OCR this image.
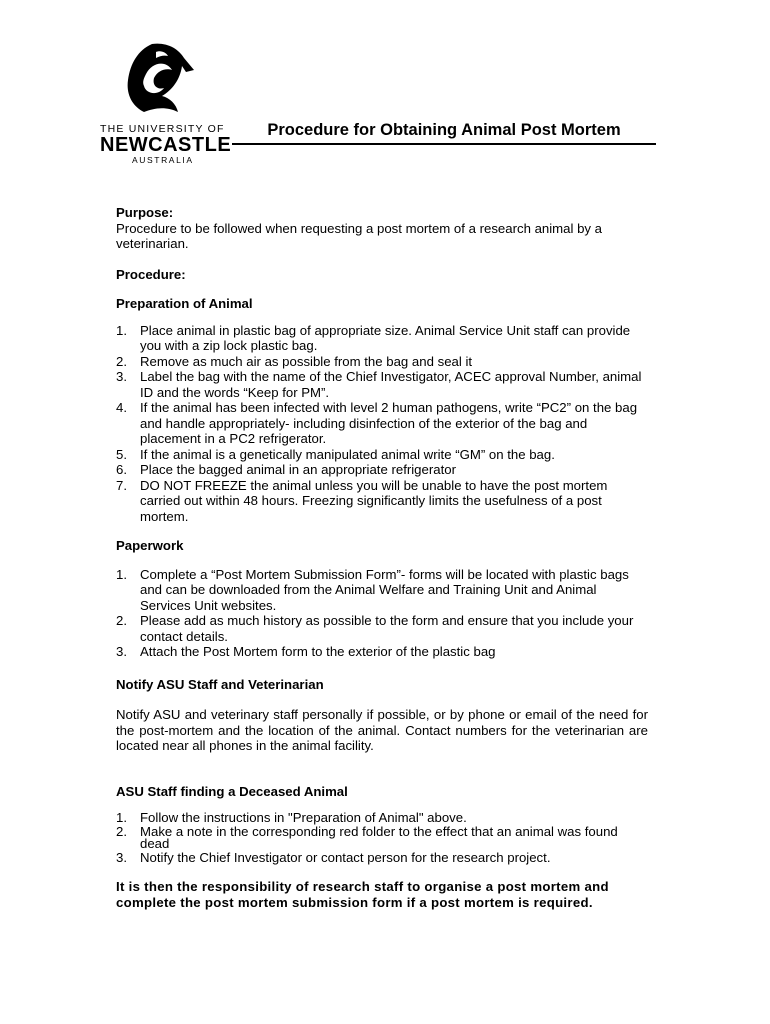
THE UNIVERSITY OF
NEWCASTLE
AUSTRALIA
Procedure for Obtaining Animal Post Mortem
Purpose:

Procedure to be followed when requesting a post mortem of a research animal by a veterinarian.

Procedure:
Preparation of Animal
1. Place animal in plastic bag of appropriate size. Animal Service Unit staff can provide you with a zip lock plastic bag.
2. Remove as much air as possible from the bag and seal it
3. Label the bag with the name of the Chief Investigator, ACEC approval Number, animal ID and the words “Keep for PM”.
4. If the animal has been infected with level 2 human pathogens, write “PC2” on the bag and handle appropriately- including disinfection of the exterior of the bag and placement in a PC2 refrigerator.
5. If the animal is a genetically manipulated animal write “GM” on the bag.
6. Place the bagged animal in an appropriate refrigerator
7. DO NOT FREEZE the animal unless you will be unable to have the post mortem carried out within 48 hours. Freezing significantly limits the usefulness of a post mortem.
Paperwork
1. Complete a “Post Mortem Submission Form”- forms will be located with plastic bags and can be downloaded from the Animal Welfare and Training Unit and Animal Services Unit websites.
2. Please add as much history as possible to the form and ensure that you include your contact details.
3. Attach the Post Mortem form to the exterior of the plastic bag
Notify ASU Staff and Veterinarian

Notify ASU and veterinary staff personally if possible, or by phone or email of the need for the post-mortem and the location of the animal. Contact numbers for the veterinarian are located near all phones in the animal facility.

ASU Staff finding a Deceased Animal
1. Follow the instructions in "Preparation of Animal" above.
2. Make a note in the corresponding red folder to the effect that an animal was found dead
3. Notify the Chief Investigator or contact person for the research project.

It is then the responsibility of research staff to organise a post mortem and complete the post mortem submission form if a post mortem is required.
